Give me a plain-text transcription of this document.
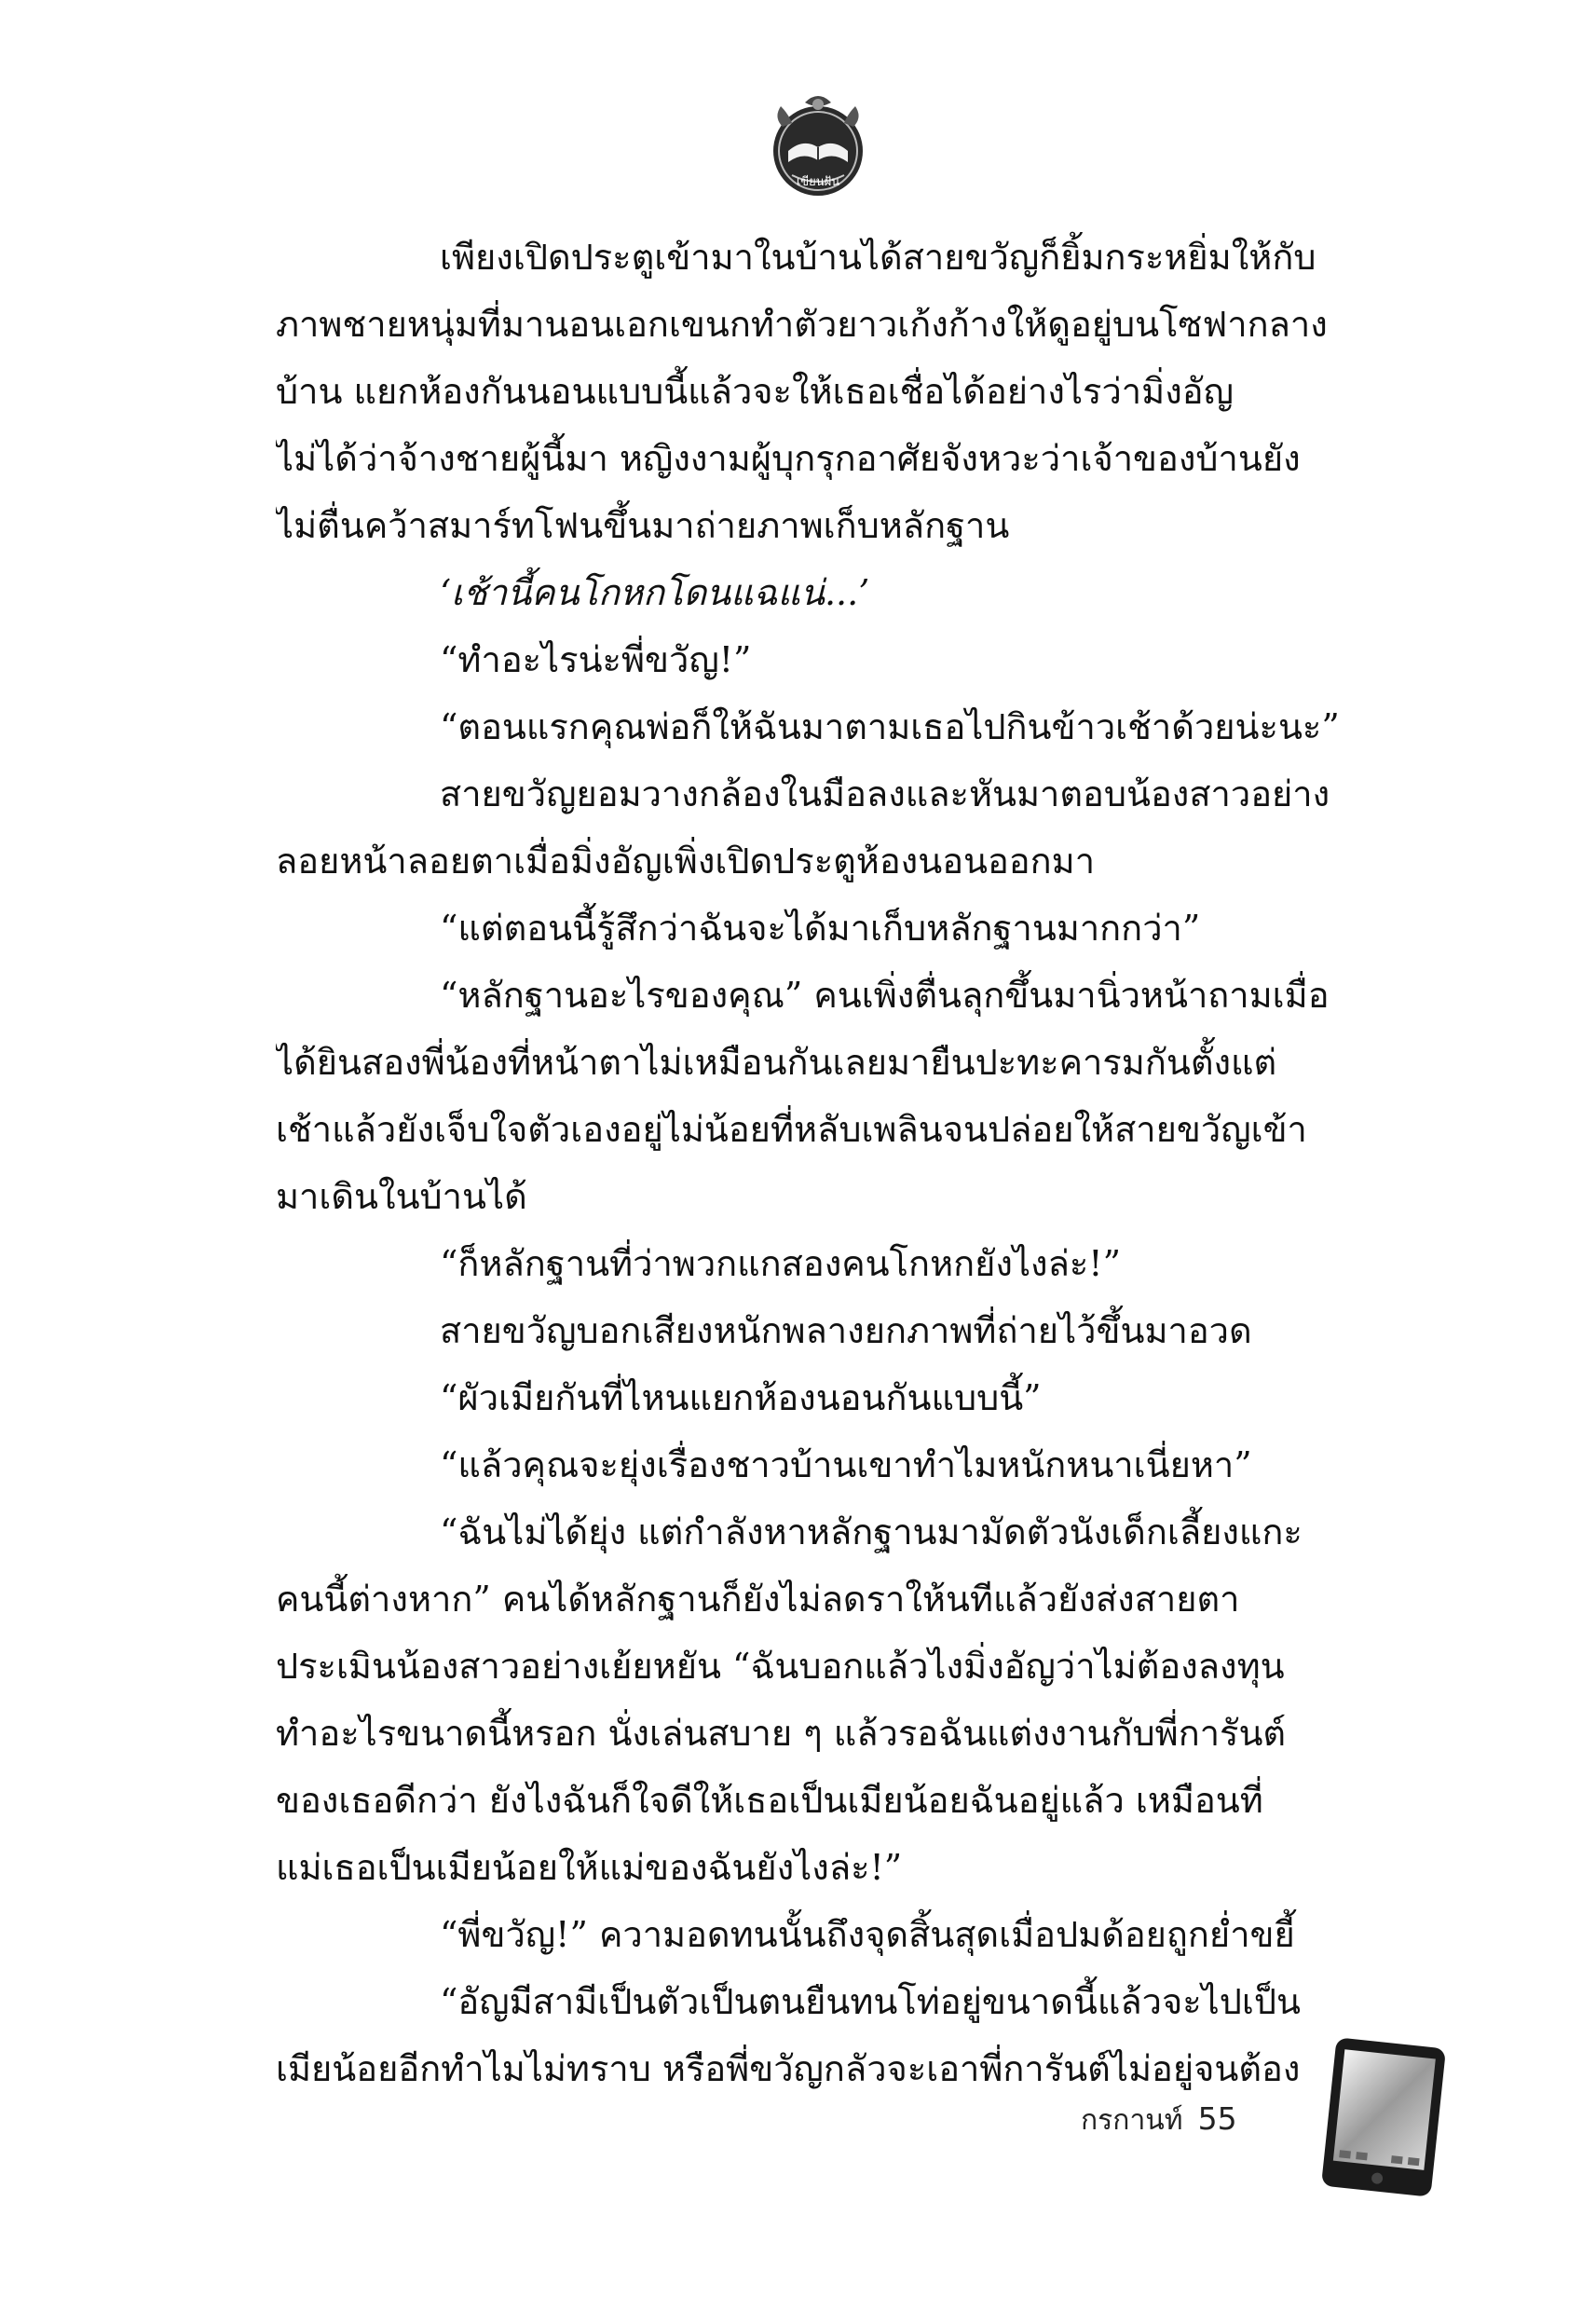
เขียนฝัน
เพียงเปิดประตูเข้ามาในบ้านได้สายขวัญก็ยิ้มกระหยิ่มให้กับ
ภาพชายหนุ่มที่มานอนเอกเขนกทำตัวยาวเก้งก้างให้ดูอยู่บนโซฟากลาง
บ้าน แยกห้องกันนอนแบบนี้แล้วจะให้เธอเชื่อได้อย่างไรว่ามิ่งอัญ
ไม่ได้ว่าจ้างชายผู้นี้มา หญิงงามผู้บุกรุกอาศัยจังหวะว่าเจ้าของบ้านยัง
ไม่ตื่นคว้าสมาร์ทโฟนขึ้นมาถ่ายภาพเก็บหลักฐาน
‘เช้านี้คนโกหกโดนแฉแน่...’
“ทำอะไรน่ะพี่ขวัญ!”
“ตอนแรกคุณพ่อก็ให้ฉันมาตามเธอไปกินข้าวเช้าด้วยน่ะนะ”
สายขวัญยอมวางกล้องในมือลงและหันมาตอบน้องสาวอย่าง
ลอยหน้าลอยตาเมื่อมิ่งอัญเพิ่งเปิดประตูห้องนอนออกมา
“แต่ตอนนี้รู้สึกว่าฉันจะได้มาเก็บหลักฐานมากกว่า”
“หลักฐานอะไรของคุณ” คนเพิ่งตื่นลุกขึ้นมานิ่วหน้าถามเมื่อ
ได้ยินสองพี่น้องที่หน้าตาไม่เหมือนกันเลยมายืนปะทะคารมกันตั้งแต่
เช้าแล้วยังเจ็บใจตัวเองอยู่ไม่น้อยที่หลับเพลินจนปล่อยให้สายขวัญเข้า
มาเดินในบ้านได้
“ก็หลักฐานที่ว่าพวกแกสองคนโกหกยังไงล่ะ!”
สายขวัญบอกเสียงหนักพลางยกภาพที่ถ่ายไว้ขึ้นมาอวด
“ผัวเมียกันที่ไหนแยกห้องนอนกันแบบนี้”
“แล้วคุณจะยุ่งเรื่องชาวบ้านเขาทำไมหนักหนาเนี่ยหา”
“ฉันไม่ได้ยุ่ง แต่กำลังหาหลักฐานมามัดตัวนังเด็กเลี้ยงแกะ
คนนี้ต่างหาก” คนได้หลักฐานก็ยังไม่ลดราให้นทีแล้วยังส่งสายตา
ประเมินน้องสาวอย่างเย้ยหยัน “ฉันบอกแล้วไงมิ่งอัญว่าไม่ต้องลงทุน
ทำอะไรขนาดนี้หรอก นั่งเล่นสบาย ๆ แล้วรอฉันแต่งงานกับพี่การันต์
ของเธอดีกว่า ยังไงฉันก็ใจดีให้เธอเป็นเมียน้อยฉันอยู่แล้ว เหมือนที่
แม่เธอเป็นเมียน้อยให้แม่ของฉันยังไงล่ะ!”
“พี่ขวัญ!” ความอดทนนั้นถึงจุดสิ้นสุดเมื่อปมด้อยถูกย่ำขยี้
“อัญมีสามีเป็นตัวเป็นตนยืนทนโท่อยู่ขนาดนี้แล้วจะไปเป็น
เมียน้อยอีกทำไมไม่ทราบ หรือพี่ขวัญกลัวจะเอาพี่การันต์ไม่อยู่จนต้อง
กรกานท์ 55
